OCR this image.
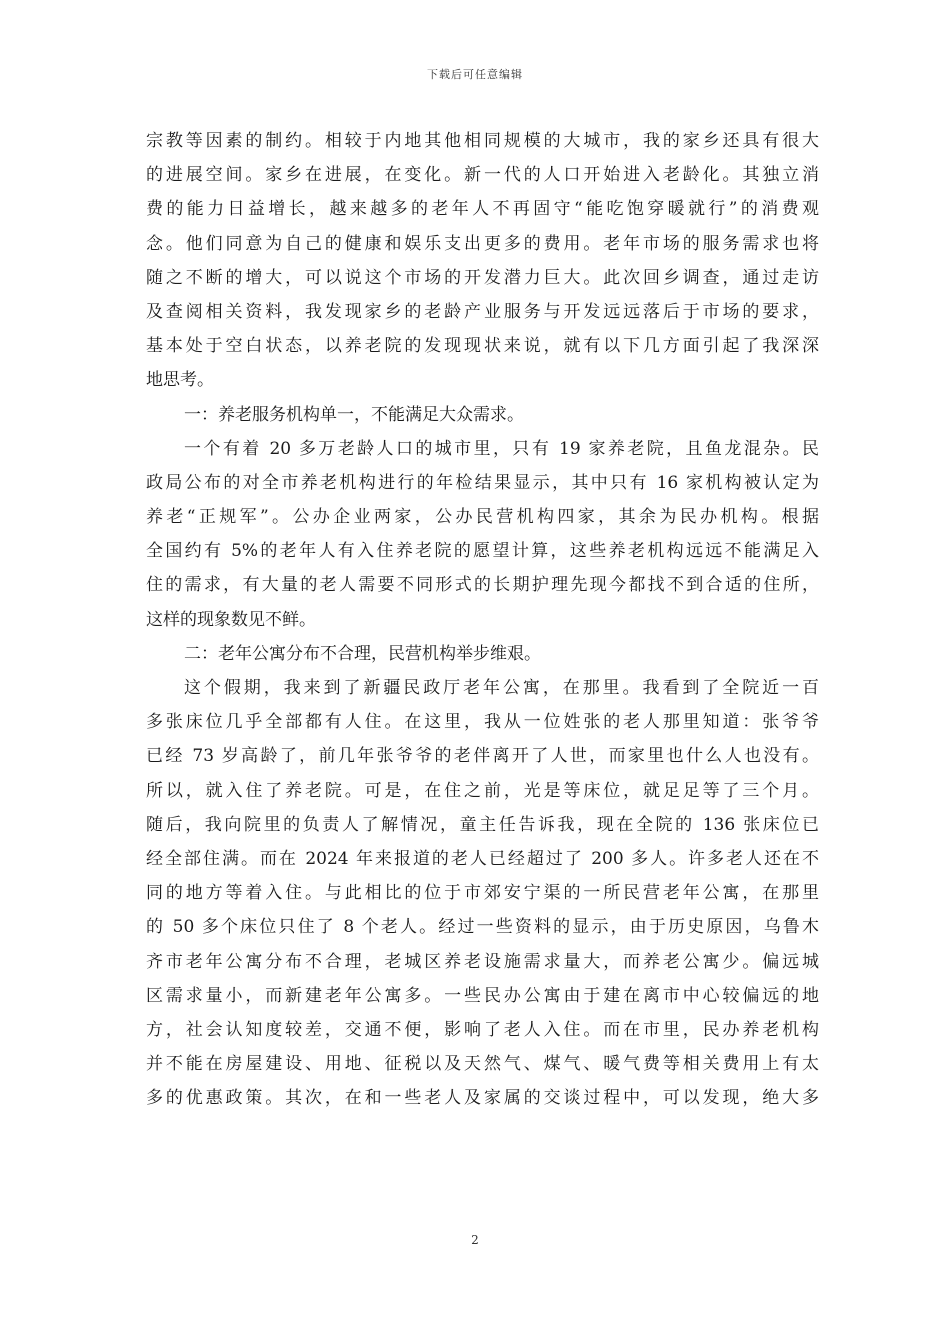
下载后可任意编辑
宗教等因素的制约。相较于内地其他相同规模的大城市，我的家乡还具有很大
的进展空间。家乡在进展，在变化。新一代的人口开始进入老龄化。其独立消
费的能力日益增长，越来越多的老年人不再固守“能吃饱穿暖就行”的消费观
念。他们同意为自己的健康和娱乐支出更多的费用。老年市场的服务需求也将
随之不断的增大，可以说这个市场的开发潜力巨大。此次回乡调查，通过走访
及查阅相关资料，我发现家乡的老龄产业服务与开发远远落后于市场的要求，
基本处于空白状态，以养老院的发现现状来说，就有以下几方面引起了我深深
地思考。
一：养老服务机构单一，不能满足大众需求。
一个有着 20 多万老龄人口的城市里，只有 19 家养老院，且鱼龙混杂。民
政局公布的对全市养老机构进行的年检结果显示，其中只有 16 家机构被认定为
养老“正规军”。公办企业两家，公办民营机构四家，其余为民办机构。根据
全国约有 5%的老年人有入住养老院的愿望计算，这些养老机构远远不能满足入
住的需求，有大量的老人需要不同形式的长期护理先现今都找不到合适的住所，
这样的现象数见不鲜。
二：老年公寓分布不合理，民营机构举步维艰。
这个假期，我来到了新疆民政厅老年公寓，在那里。我看到了全院近一百
多张床位几乎全部都有人住。在这里，我从一位姓张的老人那里知道：张爷爷
已经 73 岁高龄了，前几年张爷爷的老伴离开了人世，而家里也什么人也没有。
所以，就入住了养老院。可是，在住之前，光是等床位，就足足等了三个月。
随后，我向院里的负责人了解情况，童主任告诉我，现在全院的 136 张床位已
经全部住满。而在 2024 年来报道的老人已经超过了 200 多人。许多老人还在不
同的地方等着入住。与此相比的位于市郊安宁渠的一所民营老年公寓，在那里
的 50 多个床位只住了 8 个老人。经过一些资料的显示，由于历史原因，乌鲁木
齐市老年公寓分布不合理，老城区养老设施需求量大，而养老公寓少。偏远城
区需求量小，而新建老年公寓多。一些民办公寓由于建在离市中心较偏远的地
方，社会认知度较差，交通不便，影响了老人入住。而在市里，民办养老机构
并不能在房屋建设、用地、征税以及天然气、煤气、暖气费等相关费用上有太
多的优惠政策。其次，在和一些老人及家属的交谈过程中，可以发现，绝大多
2
